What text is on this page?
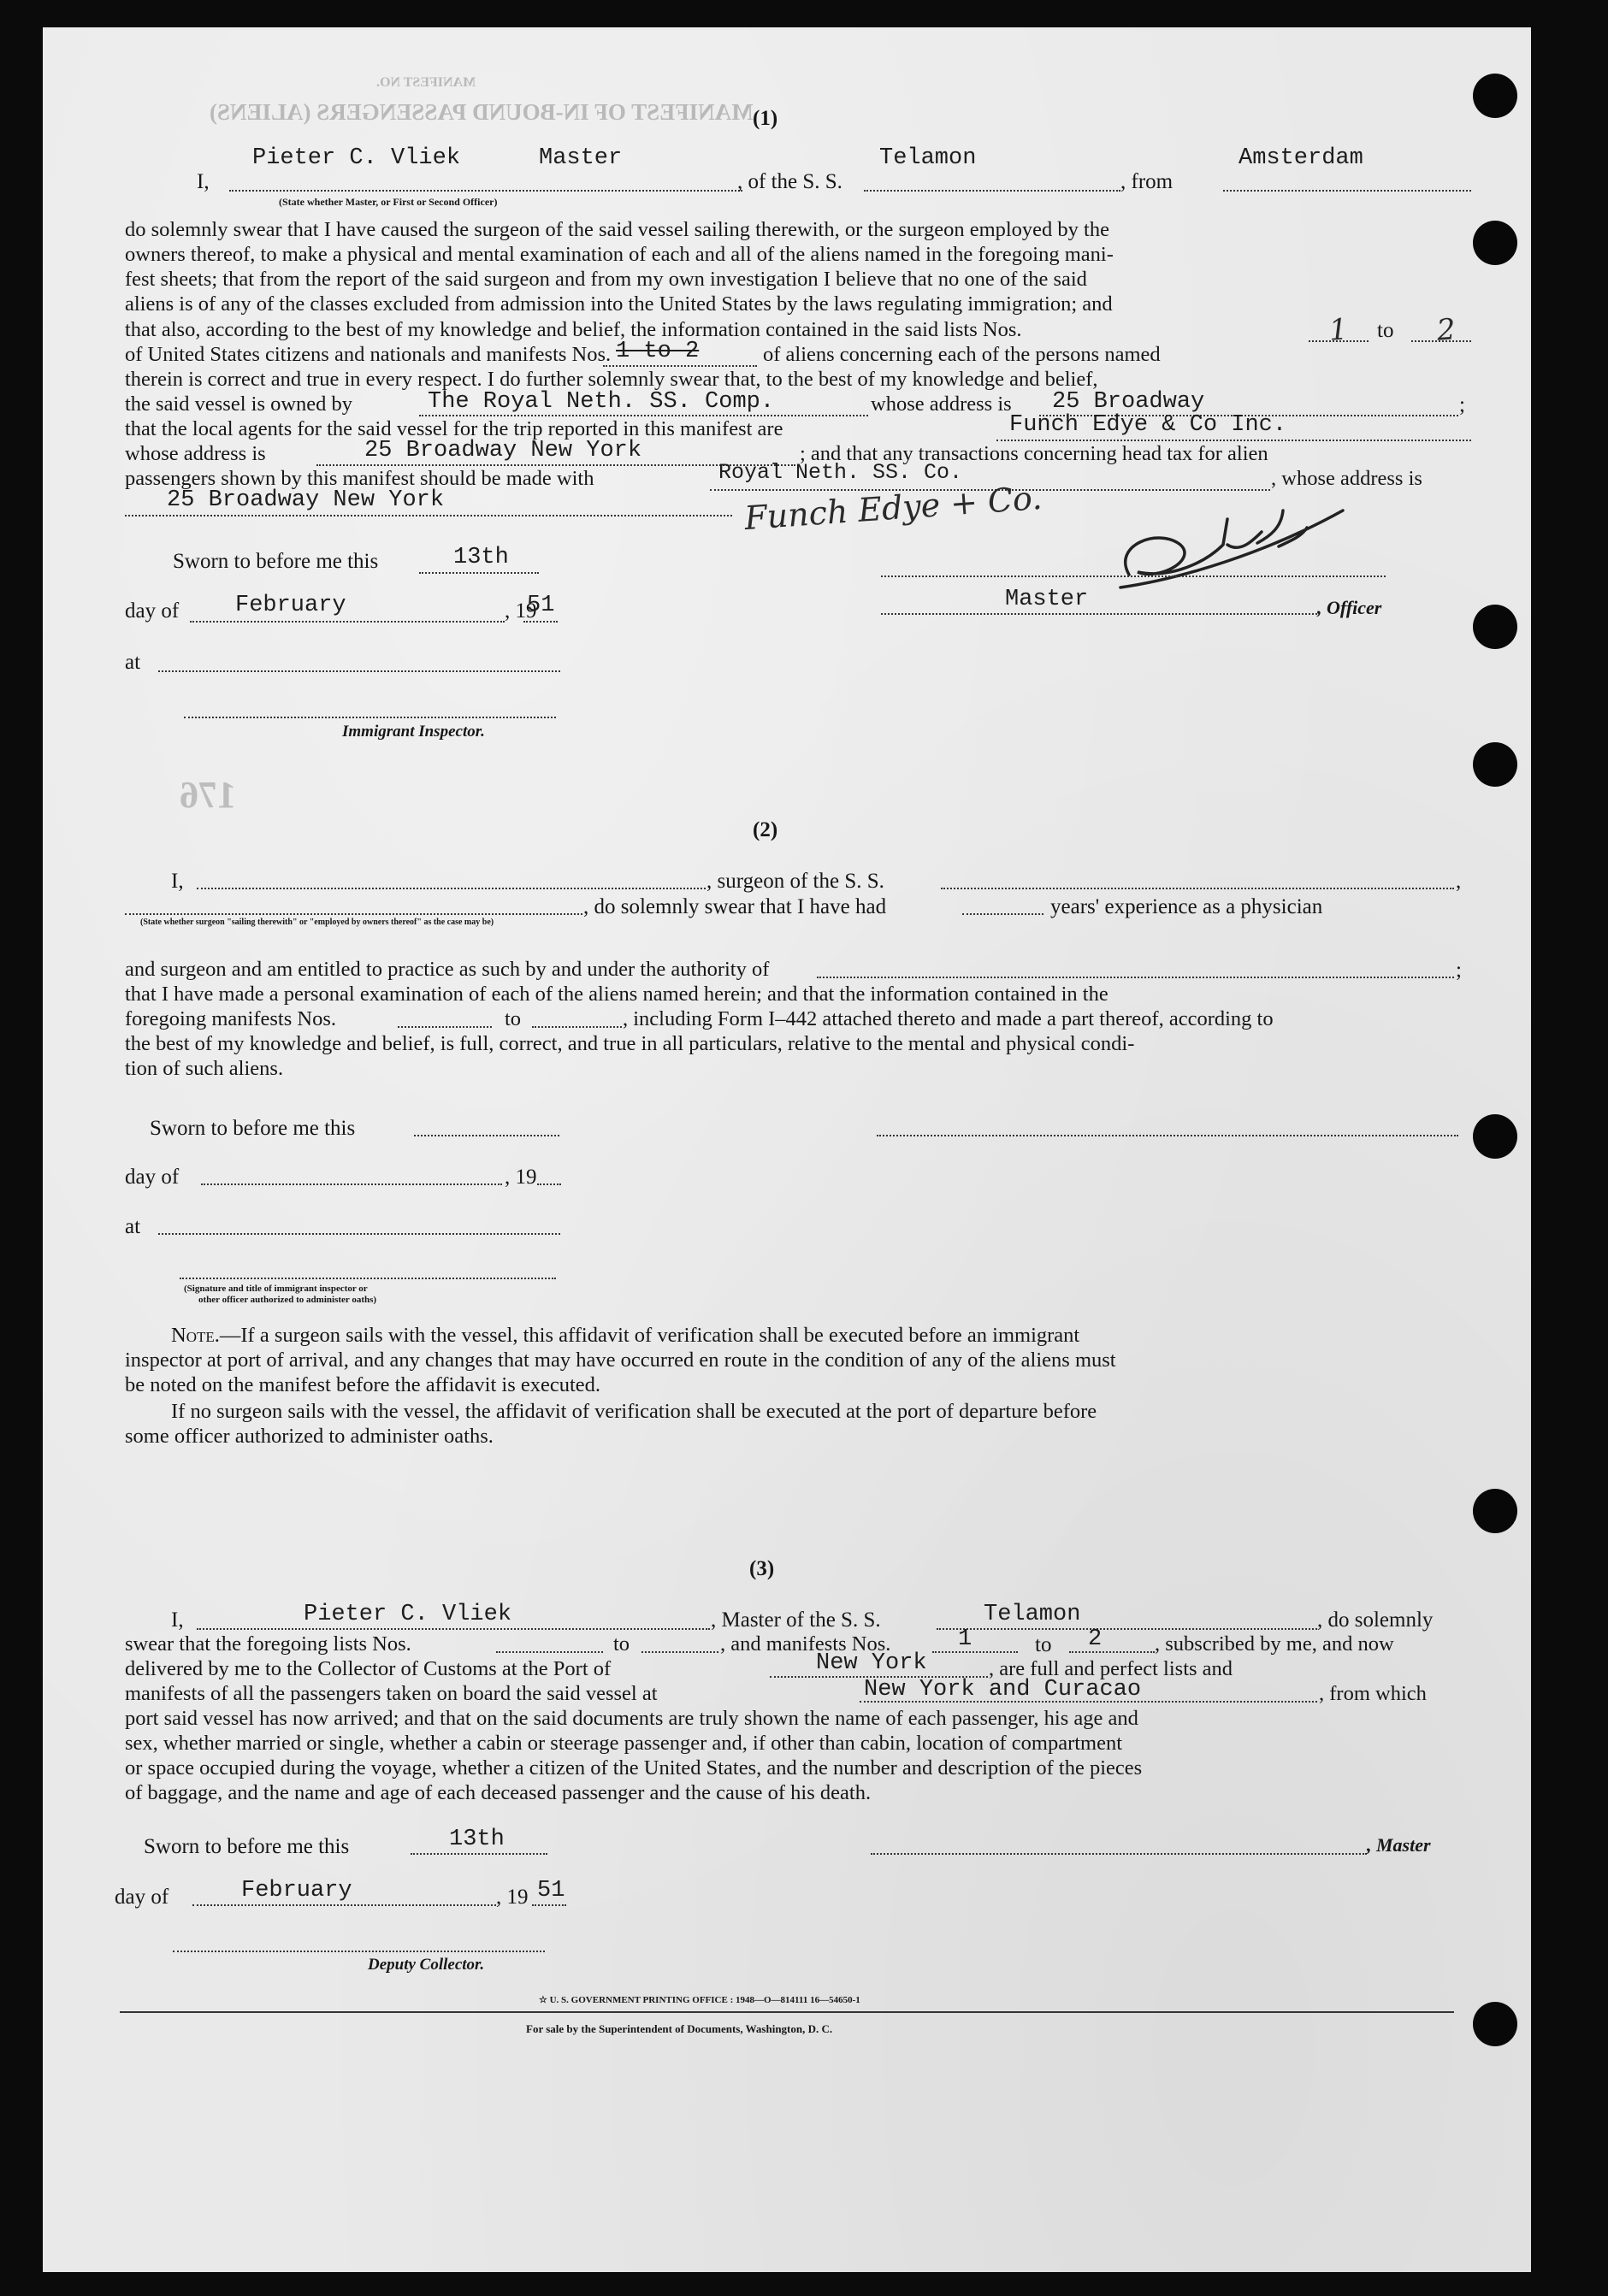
MANIFEST NO.
MANIFEST OF IN-BOUND PASSENGERS (ALIENS)
176
(1)
I,
Pieter C. Vliek	Master
(State whether Master, or First or Second Officer)
, of the S. S.
Telamon
, from
Amsterdam

do solemnly swear that I have caused the surgeon of the said vessel sailing therewith, or the surgeon employed by the

owners thereof, to make a physical and mental examination of each and all of the aliens named in the foregoing mani-

fest sheets; that from the report of the said surgeon and from my own investigation I believe that no one of the said

aliens is of any of the classes excluded from admission into the United States by the laws regulating immigration; and

that also, according to the best of my knowledge and belief, the information contained in the said lists Nos.	1 to 2
of United States citizens and nationals and manifests Nos. 1 to 2	of aliens concerning each of the persons named
therein is correct and true in every respect. I do further solemnly swear that, to the best of my knowledge and belief,
the said vessel is owned by	The Royal Neth. SS. Comp.	whose address is 25 Broadway	;
that the local agents for the said vessel for the trip reported in this manifest are	Funch Edye & Co Inc.
whose address is	25 Broadway New York	; and that any transactions concerning head tax for alien
passengers shown by this manifest should be made with	Royal Neth. SS. Co.
Funch Edye + Co.
, whose address is
25 Broadway New York
Sworn to before me this	13th
day of February	, 19
51
at
Immigrant Inspector.
Master	, Officer
(2)
I,	, surgeon of the S. S.	,
, do solemnly swear that I have had	years' experience as a physician
(State whether surgeon "sailing therewith" or "employed by owners thereof" as the case may be)
and surgeon and am entitled to practice as such by and under the authority of	;
that I have made a personal examination of each of the aliens named herein; and that the information contained in the
foregoing manifests Nos.	to	, including Form I–442 attached thereto and made a part thereof, according to
the best of my knowledge and belief, is full, correct, and true in all particulars, relative to the mental and physical condi-
tion of such aliens.
Sworn to before me this
day of	, 19
at
(Signature and title of immigrant inspector or
other officer authorized to administer oaths)
Note.—If a surgeon sails with the vessel, this affidavit of verification shall be executed before an immigrant
inspector at port of arrival, and any changes that may have occurred en route in the condition of any of the aliens must
be noted on the manifest before the affidavit is executed.
If no surgeon sails with the vessel, the affidavit of verification shall be executed at the port of departure before
some officer authorized to administer oaths.
(3)
I,	Pieter C. Vliek	, Master of the S. S.	Telamon	, do solemnly
swear that the foregoing lists Nos.	to	, and manifests Nos.	1	to 2	, subscribed by me, and now
delivered by me to the Collector of Customs at the Port of	New York	, are full and perfect lists and
manifests of all the passengers taken on board the said vessel at	New York and Curacao	, from which
port said vessel has now arrived; and that on the said documents are truly shown the name of each passenger, his age and
sex, whether married or single, whether a cabin or steerage passenger and, if other than cabin, location of compartment
or space occupied during the voyage, whether a citizen of the United States, and the number and description of the pieces
of baggage, and the name and age of each deceased passenger and the cause of his death.
Sworn to before me this	13th	, Master
day of	February	, 19 51
Deputy Collector.
☆ U. S. GOVERNMENT PRINTING OFFICE : 1948—O—814111 16—54650-1
For sale by the Superintendent of Documents, Washington, D. C.
